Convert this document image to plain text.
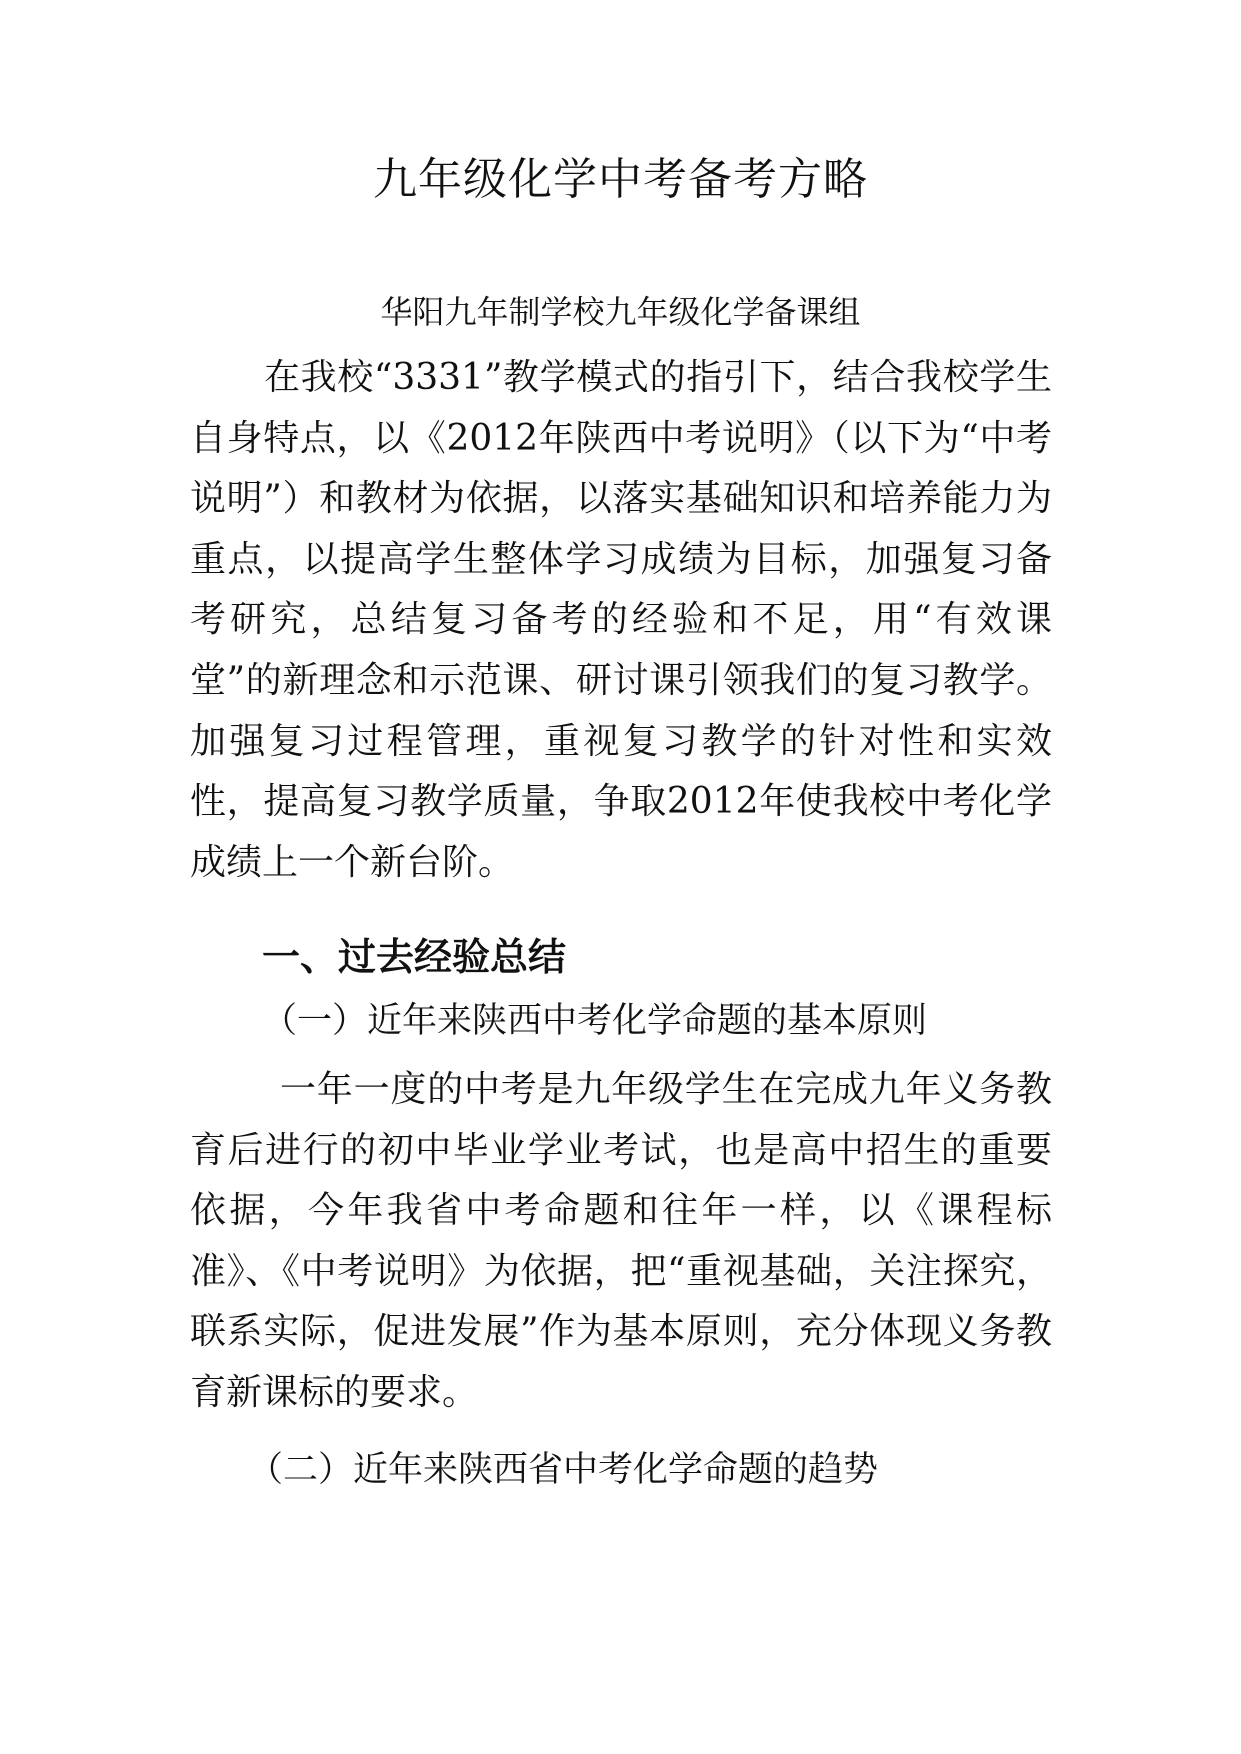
九年级化学中考备考方略
华阳九年制学校九年级化学备课组
在我校“3331”教学模式的指引下，结合我校学生自身特点，以《2012年陕西中考说明》（以下为“中考说明”）和教材为依据，以落实基础知识和培养能力为重点，以提高学生整体学习成绩为目标，加强复习备考研究，总结复习备考的经验和不足，用“有效课堂”的新理念和示范课、研讨课引领我们的复习教学。加强复习过程管理，重视复习教学的针对性和实效性，提高复习教学质量，争取2012年使我校中考化学成绩上一个新台阶。
一、过去经验总结
（一）近年来陕西中考化学命题的基本原则
一年一度的中考是九年级学生在完成九年义务教育后进行的初中毕业学业考试，也是高中招生的重要依据，今年我省中考命题和往年一样，以《课程标准》、《中考说明》为依据，把“重视基础，关注探究，联系实际，促进发展”作为基本原则，充分体现义务教育新课标的要求。
（二）近年来陕西省中考化学命题的趋势
